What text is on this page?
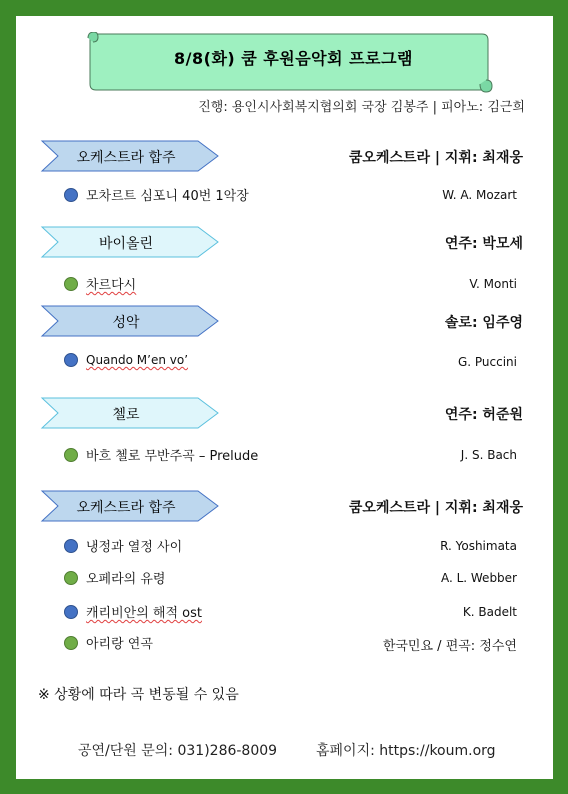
8/8(화) 쿰 후원음악회 프로그램
진행: 용인시사회복지협의회 국장 김봉주 | 피아노: 김근희
오케스트라 합주	쿰오케스트라 | 지휘: 최재웅
모차르트 심포니 40번 1악장	W. A. Mozart
바이올린	연주: 박모세
차르다시	V. Monti
성악	솔로: 임주영
Quando M’en vo’	G. Puccini
첼로	연주: 허준원
바흐 첼로 무반주곡 – Prelude	J. S. Bach
오케스트라 합주	쿰오케스트라 | 지휘: 최재웅
냉정과 열정 사이	R. Yoshimata
오페라의 유령	A. L. Webber
캐리비안의 해적 ost	K. Badelt
아리랑 연곡	한국민요 / 편곡: 정수연
※ 상황에 따라 곡 변동될 수 있음
공연/단원 문의: 031)286-8009	홈페이지: https://koum.org
